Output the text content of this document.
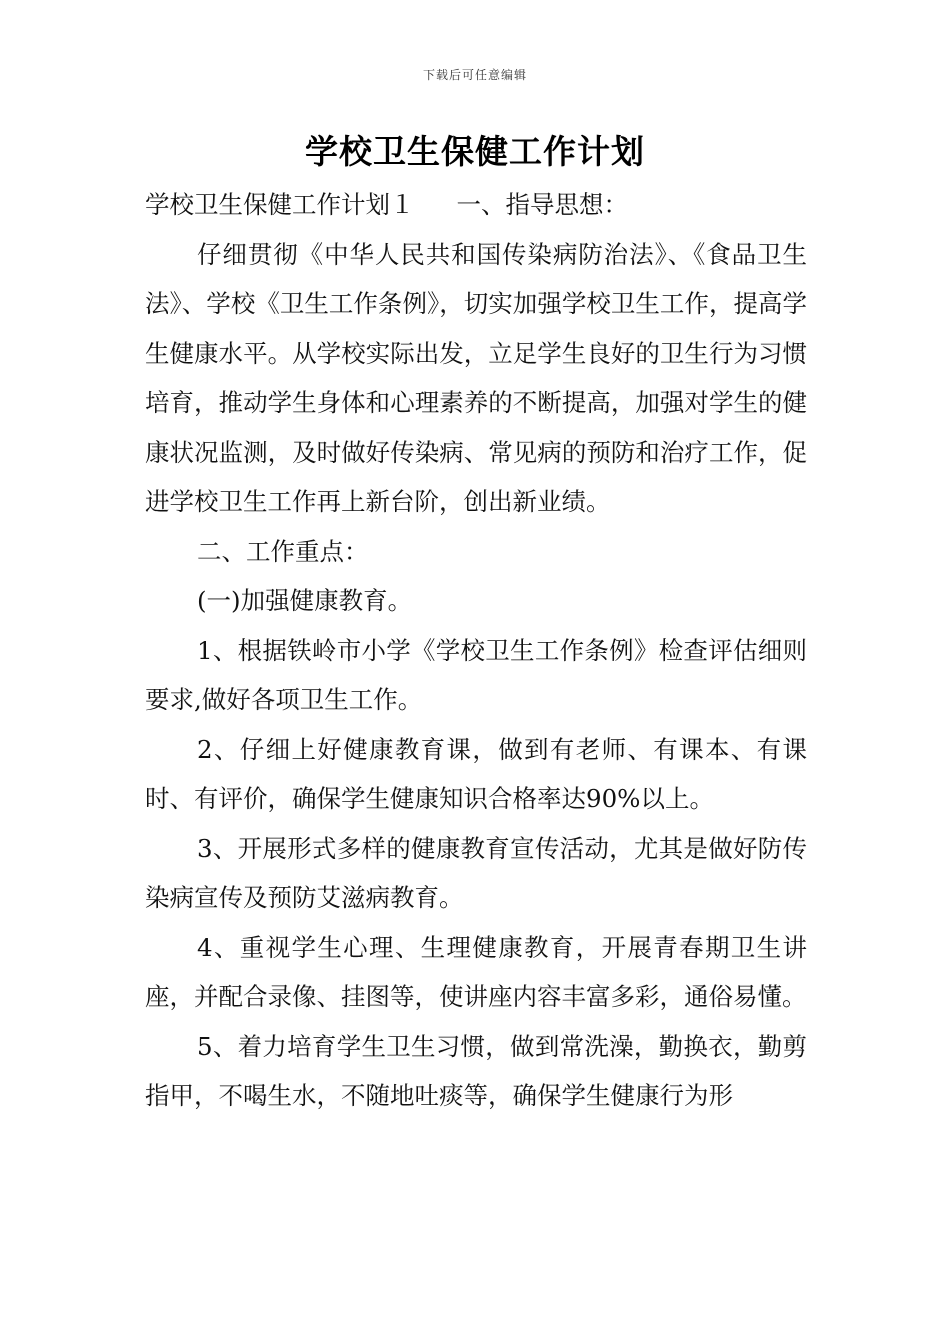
下载后可任意编辑
学校卫生保健工作计划

学校卫生保健工作计划１ 一、指导思想：

仔细贯彻《中华人民共和国传染病防治法》、《食品卫生法》、学校《卫生工作条例》，切实加强学校卫生工作，提高学生健康水平。从学校实际出发，立足学生良好的卫生行为习惯培育，推动学生身体和心理素养的不断提高，加强对学生的健康状况监测，及时做好传染病、常见病的预防和治疗工作，促进学校卫生工作再上新台阶，创出新业绩。

二、工作重点：

(一)加强健康教育。

1、根据铁岭市小学《学校卫生工作条例》检查评估细则要求,做好各项卫生工作。

2、仔细上好健康教育课，做到有老师、有课本、有课时、有评价，确保学生健康知识合格率达90%以上。

3、开展形式多样的健康教育宣传活动，尤其是做好防传染病宣传及预防艾滋病教育。

4、重视学生心理、生理健康教育，开展青春期卫生讲座，并配合录像、挂图等，使讲座内容丰富多彩，通俗易懂。

5、着力培育学生卫生习惯，做到常洗澡，勤换衣，勤剪指甲，不喝生水，不随地吐痰等，确保学生健康行为形
